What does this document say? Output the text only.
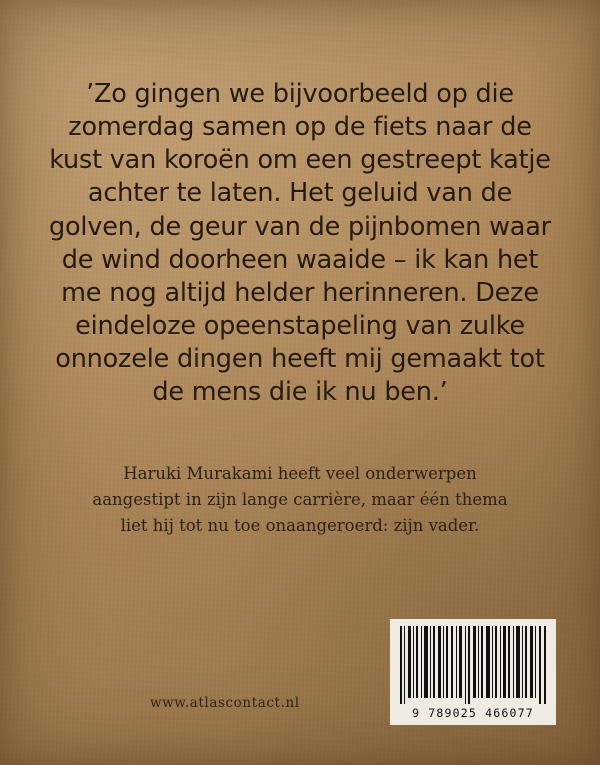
’Zo gingen we bijvoorbeeld op die zomerdag samen op de fiets naar de kust van koroën om een gestreept katje achter te laten. Het geluid van de golven, de geur van de pijnbomen waar de wind doorheen waaide – ik kan het me nog altijd helder herinneren. Deze eindeloze opeenstapeling van zulke onnozele dingen heeft mij gemaakt tot de mens die ik nu ben.’

Haruki Murakami heeft veel onderwerpen aangestipt in zijn lange carrière, maar één thema liet hij tot nu toe onaangeroerd: zijn vader.

www.atlascontact.nl
9 789025 466077
